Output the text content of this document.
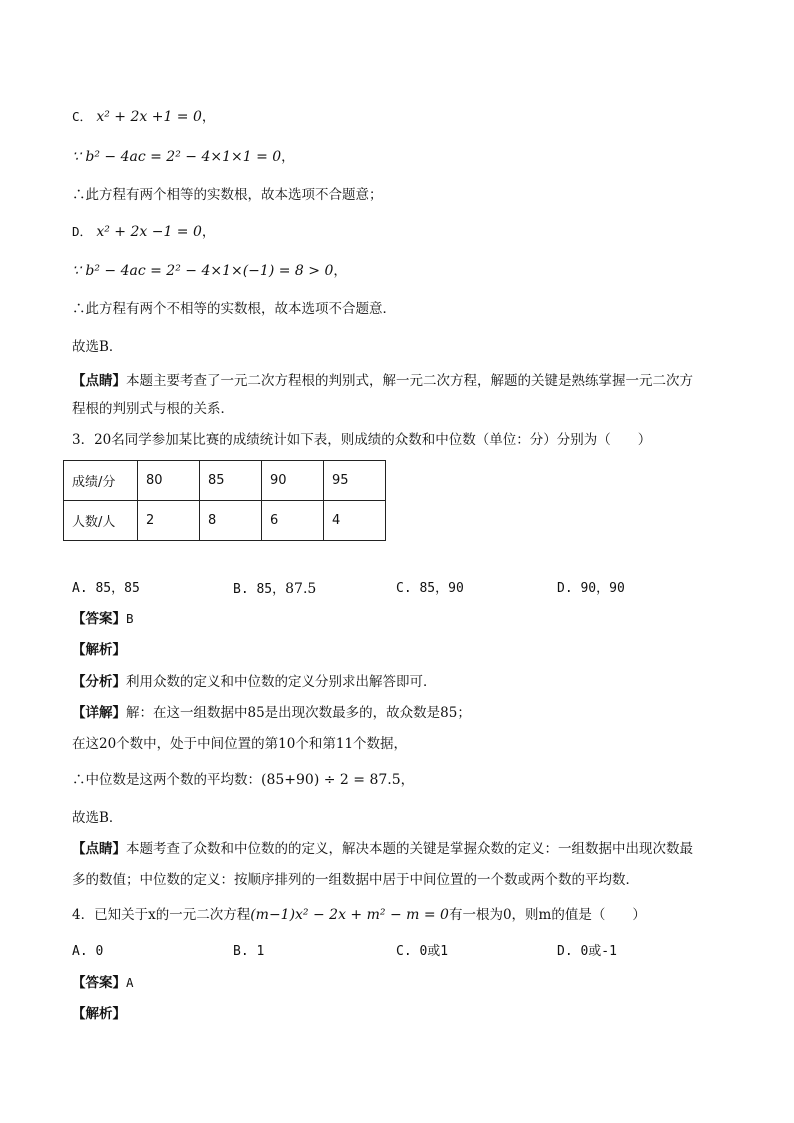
C． x² + 2x +1 = 0，
∵ b² − 4ac = 2² − 4×1×1 = 0，
∴此方程有两个相等的实数根，故本选项不合题意；
D． x² + 2x −1 = 0，
∵ b² − 4ac = 2² − 4×1×(−1) = 8 > 0，
∴此方程有两个不相等的实数根，故本选项不合题意．
故选B．
【点睛】本题主要考查了一元二次方程根的判别式，解一元二次方程，解题的关键是熟练掌握一元二次方
程根的判别式与根的关系．
3．20名同学参加某比赛的成绩统计如下表，则成绩的众数和中位数（单位：分）分别为（　　）
成绩/分	80	85	90	95
人数/人	2	8	6	4
A. 85，85	B. 85，87.5	C. 85，90	D. 90，90
【答案】B
【解析】
【分析】利用众数的定义和中位数的定义分别求出解答即可．
【详解】解：在这一组数据中85是出现次数最多的，故众数是85；
在这20个数中，处于中间位置的第10个和第11个数据，
∴中位数是这两个数的平均数：(85+90) ÷ 2 = 87.5，
故选B．
【点睛】本题考查了众数和中位数的的定义，解决本题的关键是掌握众数的定义：一组数据中出现次数最
多的数值；中位数的定义：按顺序排列的一组数据中居于中间位置的一个数或两个数的平均数．
4．已知关于x的一元二次方程(m−1)x² − 2x + m² − m = 0有一根为0，则m的值是（　　）
A. 0	B. 1	C. 0或1	D. 0或-1
【答案】A
【解析】
